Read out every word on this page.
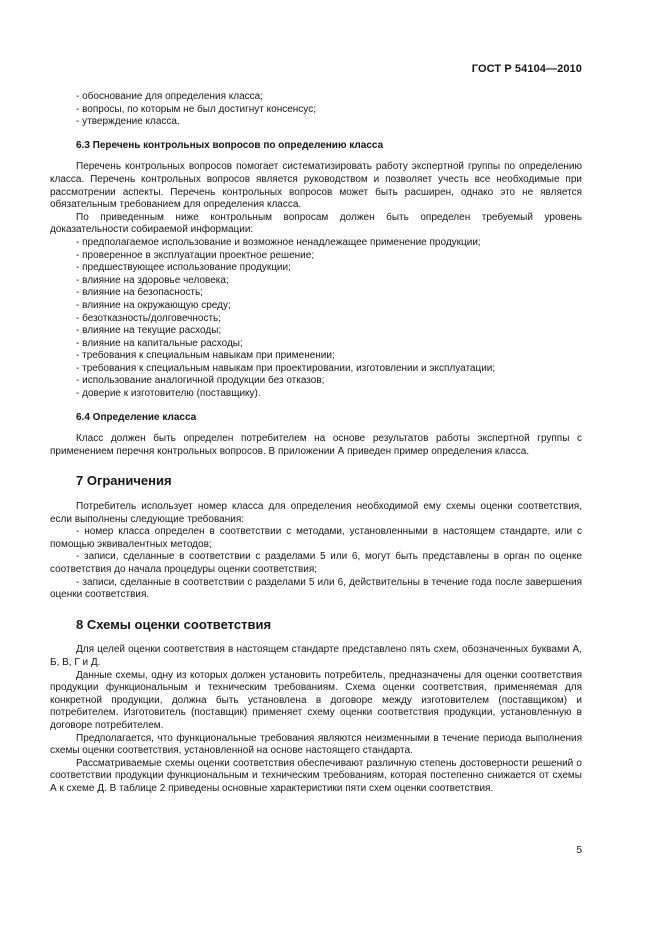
ГОСТ Р 54104—2010

- обоснование для определения класса;

- вопросы, по которым не был достигнут консенсус;

- утверждение класса.

6.3 Перечень контрольных вопросов по определению класса

Перечень контрольных вопросов помогает систематизировать работу экспертной группы по определению класса. Перечень контрольных вопросов является руководством и позволяет учесть все необходимые при рассмотрении аспекты. Перечень контрольных вопросов может быть расширен, однако это не является обязательным требованием для определения класса.

По приведенным ниже контрольным вопросам должен быть определен требуемый уровень доказательности собираемой информации:

- предполагаемое использование и возможное ненадлежащее применение продукции;

- проверенное в эксплуатации проектное решение;

- предшествующее использование продукции;

- влияние на здоровье человека;

- влияние на безопасность;

- влияние на окружающую среду;

- безотказность/долговечность;

- влияние на текущие расходы;

- влияние на капитальные расходы;

- требования к специальным навыкам при применении;

- требования к специальным навыкам при проектировании, изготовлении и эксплуатации;

- использование аналогичной продукции без отказов;

- доверие к изготовителю (поставщику).

6.4 Определение класса

Класс должен быть определен потребителем на основе результатов работы экспертной группы с применением перечня контрольных вопросов. В приложении А приведен пример определения класса.

7 Ограничения

Потребитель использует номер класса для определения необходимой ему схемы оценки соответствия, если выполнены следующие требования:

- номер класса определен в соответствии с методами, установленными в настоящем стандарте, или с помощью эквивалентных методов;

- записи, сделанные в соответствии с разделами 5 или 6, могут быть представлены в орган по оценке соответствия до начала процедуры оценки соответствия;

- записи, сделанные в соответствии с разделами 5 или 6, действительны в течение года после завершения оценки соответствия.

8 Схемы оценки соответствия

Для целей оценки соответствия в настоящем стандарте представлено пять схем, обозначенных буквами А, Б, В, Г и Д.

Данные схемы, одну из которых должен установить потребитель, предназначены для оценки соответствия продукции функциональным и техническим требованиям. Схема оценки соответствия, применяемая для конкретной продукции, должна быть установлена в договоре между изготовителем (поставщиком) и потребителем. Изготовитель (поставщик) применяет схему оценки соответствия продукции, установленную в договоре потребителем.

Предполагается, что функциональные требования являются неизменными в течение периода выполнения схемы оценки соответствия, установленной на основе настоящего стандарта.

Рассматриваемые схемы оценки соответствия обеспечивают различную степень достоверности решений о соответствии продукции функциональным и техническим требованиям, которая постепенно снижается от схемы А к схеме Д. В таблице 2 приведены основные характеристики пяти схем оценки соответствия.

5
